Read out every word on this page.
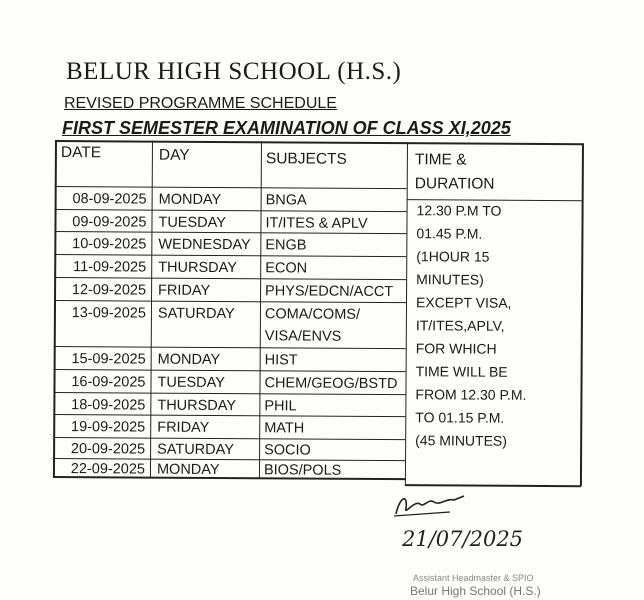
BELUR HIGH SCHOOL (H.S.)
REVISED PROGRAMME SCHEDULE
FIRST SEMESTER EXAMINATION OF CLASS XI,2025
DATE	DAY	SUBJECTS	TIME &
DURATION
08-09-2025 MONDAY	BNGA
09-09-2025 TUESDAY	IT/ITES & APLV
10-09-2025 WEDNESDAY ENGB
11-09-2025 THURSDAY ECON
12-09-2025 FRIDAY	PHYS/EDCN/ACCT
13-09-2025 SATURDAY COMA/COMS/
VISA/ENVS
15-09-2025 MONDAY	HIST
16-09-2025 TUESDAY	CHEM/GEOG/BSTD
18-09-2025 THURSDAY PHIL
19-09-2025 FRIDAY	MATH
20-09-2025 SATURDAY SOCIO
22-09-2025 MONDAY	BIOS/POLS
12.30 P.M TO
01.45 P.M.
(1HOUR 15
MINUTES)
EXCEPT VISA,
IT/ITES,APLV,
FOR WHICH
TIME WILL BE
FROM 12.30 P.M.
TO 01.15 P.M.
(45 MINUTES)
21/07/2025
Assistant Headmaster & SPIO
Belur High School (H.S.)
